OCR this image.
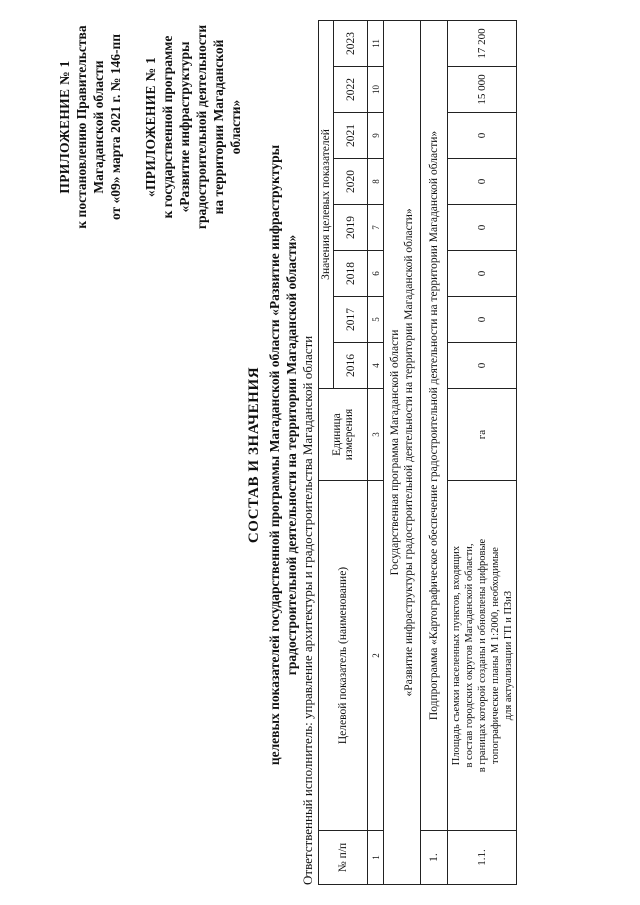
ПРИЛОЖЕНИЕ № 1 к постановлению Правительства Магаданской области от «09» марта 2021 г. № 146-пп «ПРИЛОЖЕНИЕ № 1 к государственной программе «Развитие инфраструктуры градостроительной деятельности на территории Магаданской области»
СОСТАВ И ЗНАЧЕНИЯ целевых показателей государственной программы Магаданской области «Развитие инфраструктуры градостроительной деятельности на территории Магаданской области» Ответственный исполнитель: управление архитектуры и градостроительства Магаданской области № п/п	Целевой показатель (наименование)	Единица измерения	Значения целевых показателей							
			2016	2017	2018	2019	2020	2021	2022	2023
1	2	3	4	5	6	7	8	9	10	11

Государственная программа Магаданской области «Развитие инфраструктуры градостроительной деятельности на территории Магаданской области»										

1.	Подпрограмма «Картографическое обеспечение градостроительной деятельности на территории Магаданской области»									
1.1.	Площадь съемки населенных пунктов, входящих в состав городских округов Магаданской области, в границах которой созданы и обновлены цифровые топографические планы М 1:2000, необходимые для актуализации ГП и ПЗиЗ	га	0	0	0	0	0	0	15 000	17 200
